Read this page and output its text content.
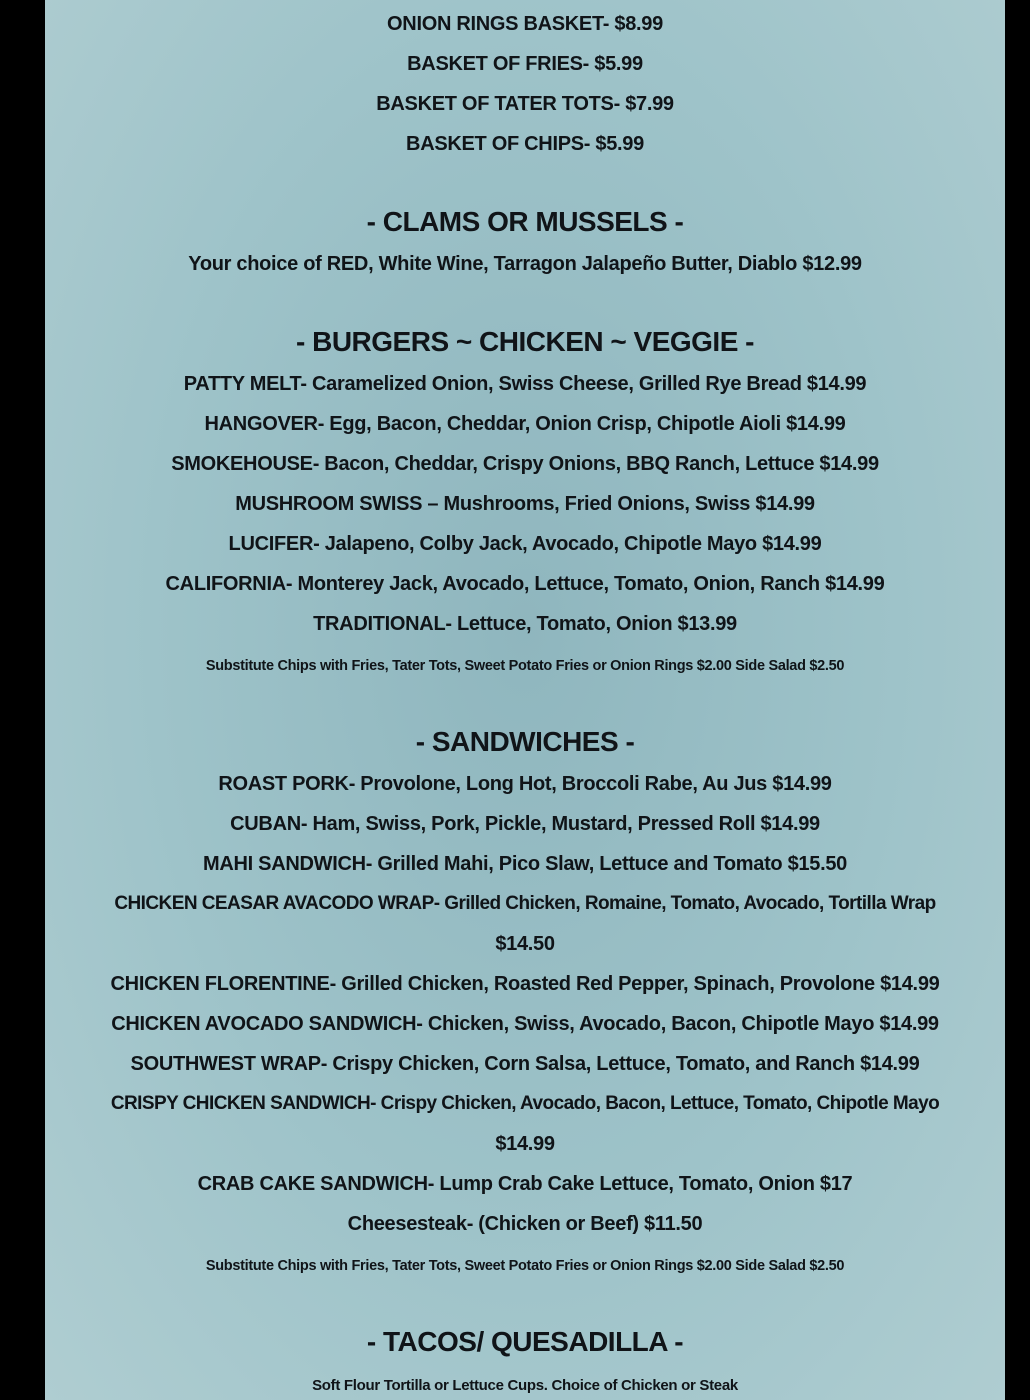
ONION RINGS BASKET- $8.99
BASKET OF FRIES- $5.99
BASKET OF TATER TOTS- $7.99
BASKET OF CHIPS- $5.99
- CLAMS OR MUSSELS -
Your choice of RED, White Wine, Tarragon Jalapeño Butter, Diablo $12.99
- BURGERS ~ CHICKEN ~ VEGGIE -
PATTY MELT- Caramelized Onion, Swiss Cheese, Grilled Rye Bread $14.99
HANGOVER- Egg, Bacon, Cheddar, Onion Crisp, Chipotle Aioli $14.99
SMOKEHOUSE- Bacon, Cheddar, Crispy Onions, BBQ Ranch, Lettuce $14.99
MUSHROOM SWISS – Mushrooms, Fried Onions, Swiss $14.99
LUCIFER- Jalapeno, Colby Jack, Avocado, Chipotle Mayo $14.99
CALIFORNIA- Monterey Jack, Avocado, Lettuce, Tomato, Onion, Ranch $14.99
TRADITIONAL- Lettuce, Tomato, Onion $13.99
Substitute Chips with Fries, Tater Tots, Sweet Potato Fries or Onion Rings $2.00 Side Salad $2.50
- SANDWICHES -
ROAST PORK- Provolone, Long Hot, Broccoli Rabe, Au Jus $14.99
CUBAN- Ham, Swiss, Pork, Pickle, Mustard, Pressed Roll $14.99
MAHI SANDWICH- Grilled Mahi, Pico Slaw, Lettuce and Tomato $15.50
CHICKEN CEASAR AVACODO WRAP- Grilled Chicken, Romaine, Tomato, Avocado, Tortilla Wrap
$14.50
CHICKEN FLORENTINE- Grilled Chicken, Roasted Red Pepper, Spinach, Provolone $14.99
CHICKEN AVOCADO SANDWICH- Chicken, Swiss, Avocado, Bacon, Chipotle Mayo $14.99
SOUTHWEST WRAP- Crispy Chicken, Corn Salsa, Lettuce, Tomato, and Ranch $14.99
CRISPY CHICKEN SANDWICH- Crispy Chicken, Avocado, Bacon, Lettuce, Tomato, Chipotle Mayo
$14.99
CRAB CAKE SANDWICH- Lump Crab Cake Lettuce, Tomato, Onion $17
Cheesesteak- (Chicken or Beef) $11.50
Substitute Chips with Fries, Tater Tots, Sweet Potato Fries or Onion Rings $2.00 Side Salad $2.50
- TACOS/ QUESADILLA -
Soft Flour Tortilla or Lettuce Cups. Choice of Chicken or Steak
